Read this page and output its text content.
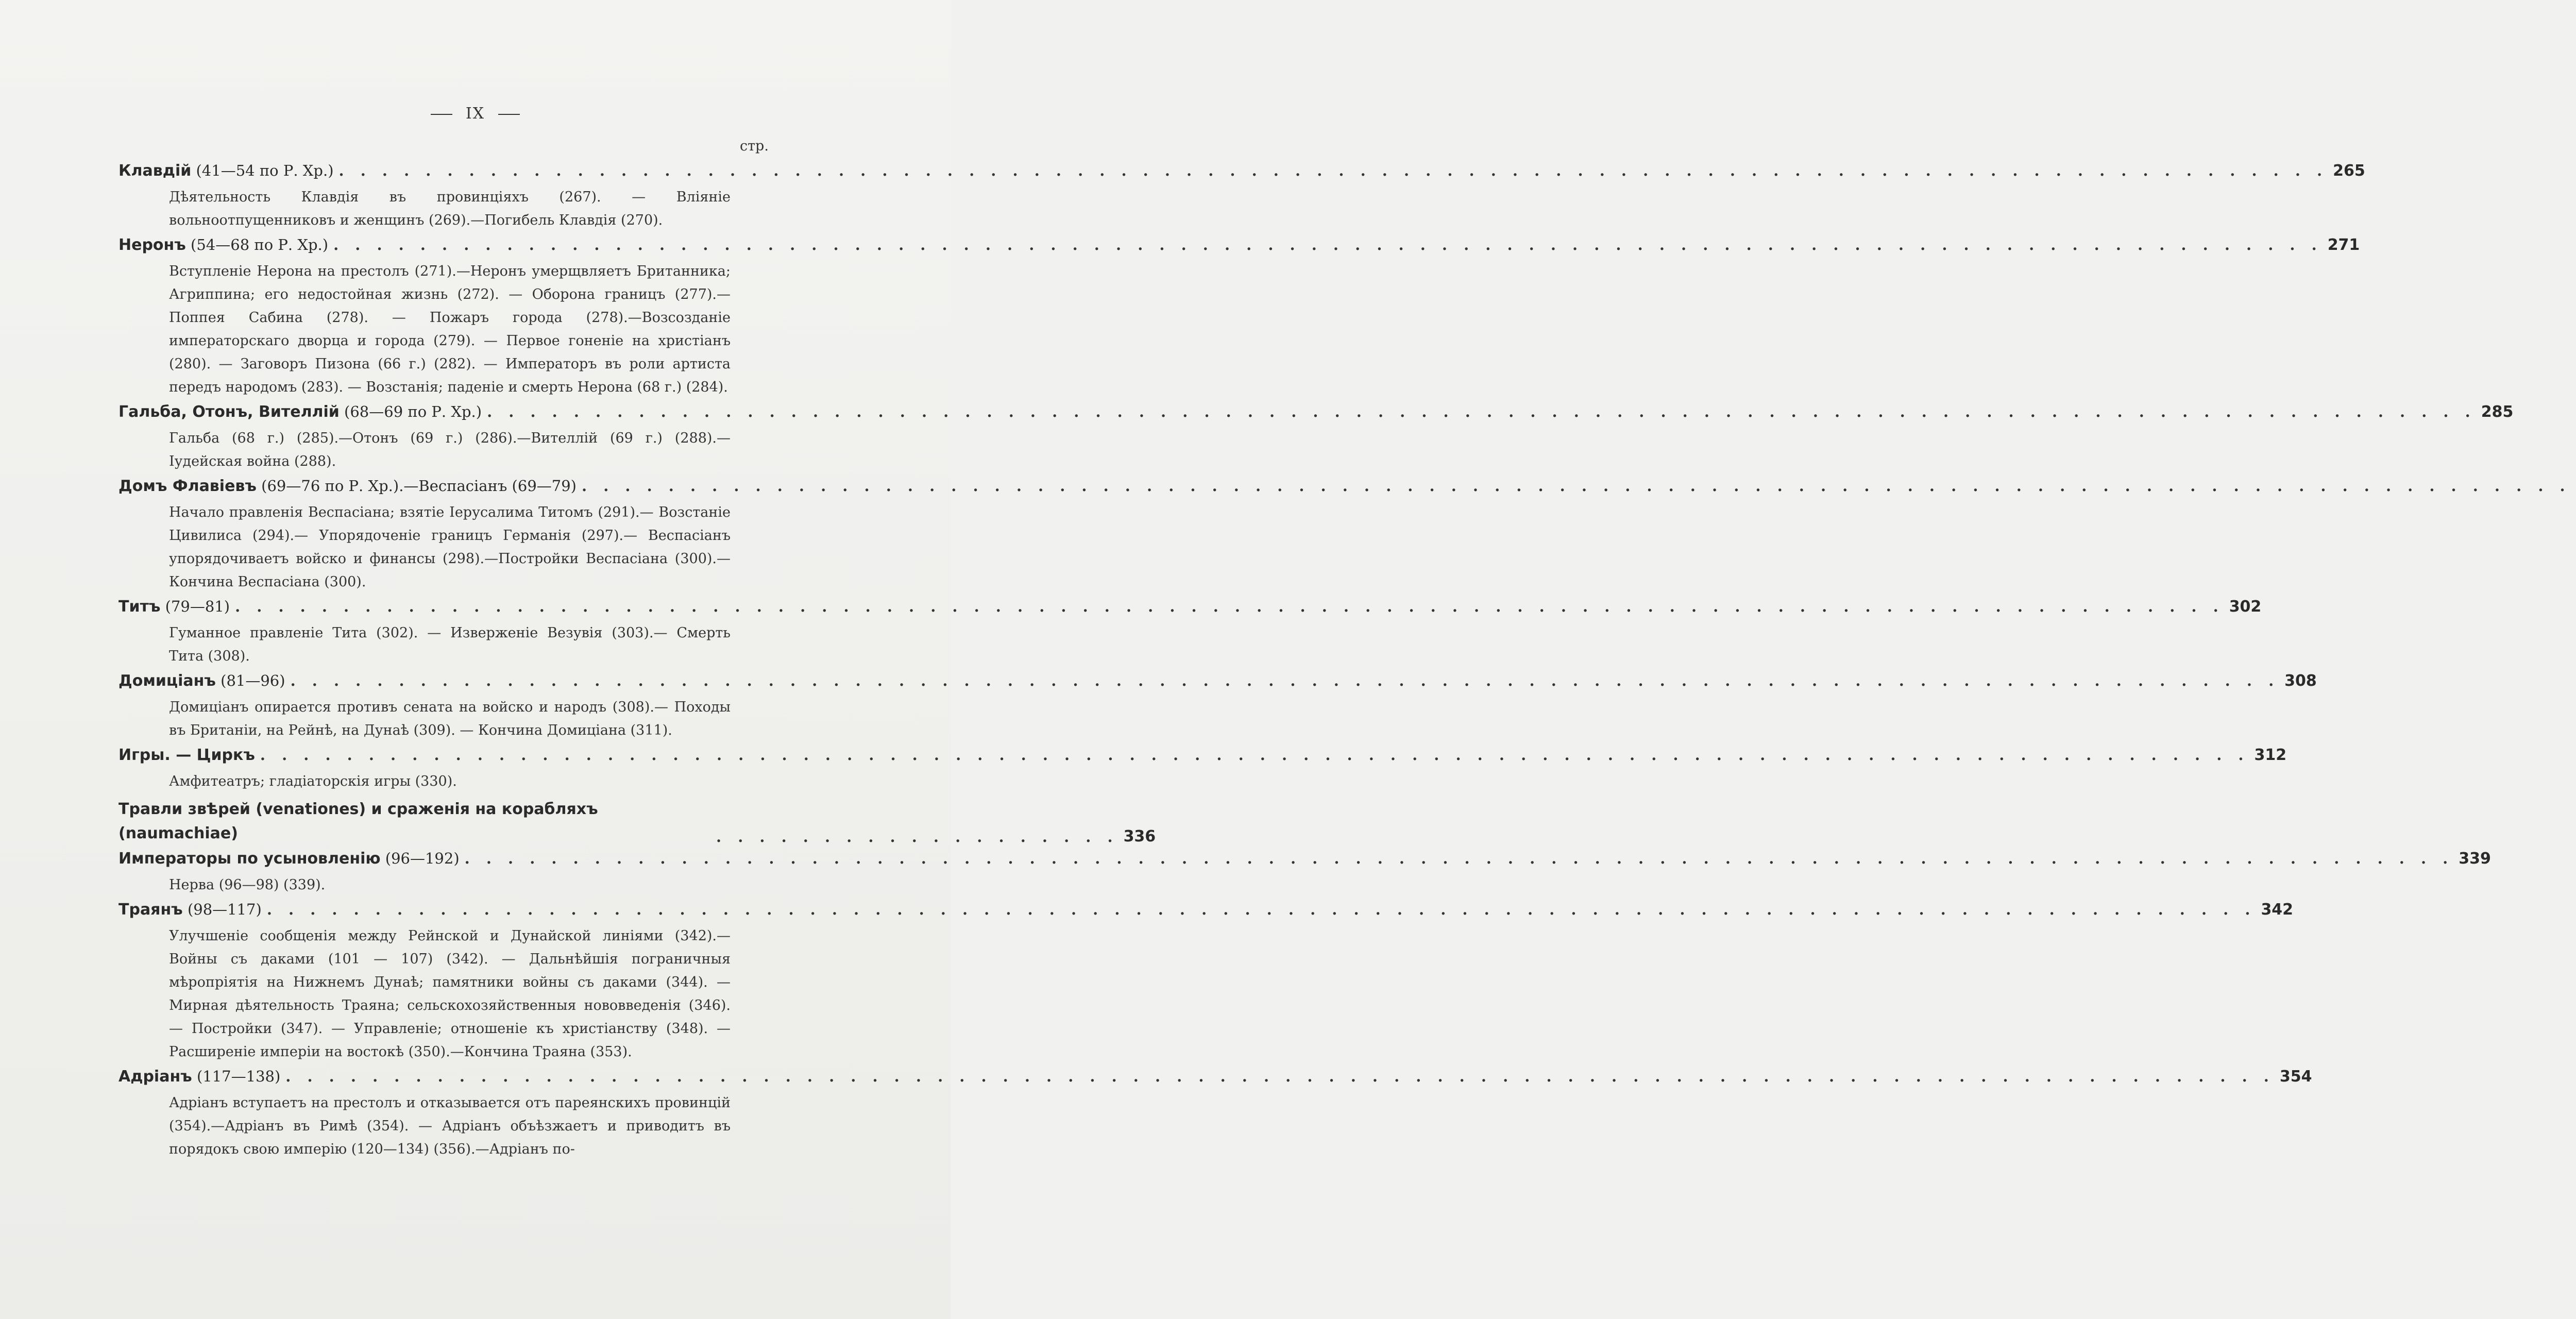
IX
стр.
Клавдій (41—54 по Р. Хр.) . . . . . . . . . . . . . . . . . . . . . . . . . . . . . . . . . . . . . . . . . . . . . . . . . . . . . . . . . . . . . . . . . . . . . . . . . . . . . . . . . . . . . . . . . . . . 265
Дѣятельность Клавдія въ провинціяхъ (267). — Вліяніе вольноотпущенниковъ и женщинъ (269).—Погибель Клавдія (270).
Неронъ (54—68 по Р. Хр.) . . . . . . . . . . . . . . . . . . . . . . . . . . . . . . . . . . . . . . . . . . . . . . . . . . . . . . . . . . . . . . . . . . . . . . . . . . . . . . . . . . . . . . . . . . . . 271
Вступленіе Нерона на престолъ (271).—Неронъ умерщвляетъ Британника; Агриппина; его недостойная жизнь (272). — Оборона границъ (277).—Поппея Сабина (278). — Пожаръ города (278).—Возсозданіе императорскаго дворца и города (279). — Первое гоненіе на христіанъ (280). — Заговоръ Пизона (66 г.) (282). — Императоръ въ роли артиста передъ народомъ (283). — Возстанія; паденіе и смерть Нерона (68 г.) (284).
Гальба, Отонъ, Вителлій (68—69 по Р. Хр.) . . . . . . . . . . . . . . . . . . . . . . . . . . . . . . . . . . . . . . . . . . . . . . . . . . . . . . . . . . . . . . . . . . . . . . . . . . . . . . . . . . . . . . . . . . . . 285
Гальба (68 г.) (285).—Отонъ (69 г.) (286).—Вителлій (69 г.) (288).— Іудейская война (288).
Домъ Флавіевъ (69—76 по Р. Хр.).—Веспасіанъ (69—79) . . . . . . . . . . . . . . . . . . . . . . . . . . . . . . . . . . . . . . . . . . . . . . . . . . . . . . . . . . . . . . . . . . . . . . . . . . . . . . . . . . . . . . . . . . . .
Начало правленія Веспасіана; взятіе Іерусалима Титомъ (291).— Возстаніе Цивилиса (294).— Упорядоченіе границъ Германія (297).— Веспасіанъ упорядочиваетъ войско и финансы (298).—Постройки Веспасіана (300).—Кончина Веспасіана (300).
Титъ (79—81) . . . . . . . . . . . . . . . . . . . . . . . . . . . . . . . . . . . . . . . . . . . . . . . . . . . . . . . . . . . . . . . . . . . . . . . . . . . . . . . . . . . . . . . . . . . . 302
Гуманное правленіе Тита (302). — Изверженіе Везувія (303).— Смерть Тита (308).
Домиціанъ (81—96) . . . . . . . . . . . . . . . . . . . . . . . . . . . . . . . . . . . . . . . . . . . . . . . . . . . . . . . . . . . . . . . . . . . . . . . . . . . . . . . . . . . . . . . . . . . . 308
Домиціанъ опирается противъ сената на войско и народъ (308).— Походы въ Британіи, на Рейнѣ, на Дунаѣ (309). — Кончина Домиціана (311).
Игры. — Циркъ . . . . . . . . . . . . . . . . . . . . . . . . . . . . . . . . . . . . . . . . . . . . . . . . . . . . . . . . . . . . . . . . . . . . . . . . . . . . . . . . . . . . . . . . . . . . 312
Амфитеатръ; гладіаторскія игры (330).
Травли звѣрей (venationes) и сраженія на корабляхъ (naumachiae)	. . . . . . . . . . . . . . . . . . . 336
Императоры по усыновленію (96—192) . . . . . . . . . . . . . . . . . . . . . . . . . . . . . . . . . . . . . . . . . . . . . . . . . . . . . . . . . . . . . . . . . . . . . . . . . . . . . . . . . . . . . . . . . . . . 339
Нерва (96—98) (339).
Траянъ (98—117) . . . . . . . . . . . . . . . . . . . . . . . . . . . . . . . . . . . . . . . . . . . . . . . . . . . . . . . . . . . . . . . . . . . . . . . . . . . . . . . . . . . . . . . . . . . . 342
Улучшеніе сообщенія между Рейнской и Дунайской линіями (342).— Войны съ даками (101 — 107) (342). — Дальнѣйшія пограничныя мѣропріятія на Нижнемъ Дунаѣ; памятники войны съ даками (344). — Мирная дѣятельность Траяна; сельскохозяйственныя нововведенія (346). — Постройки (347). — Управленіе; отношеніе къ христіанству (348). — Расширеніе имперіи на востокѣ (350).—Кончина Траяна (353).
Адріанъ (117—138) . . . . . . . . . . . . . . . . . . . . . . . . . . . . . . . . . . . . . . . . . . . . . . . . . . . . . . . . . . . . . . . . . . . . . . . . . . . . . . . . . . . . . . . . . . . . 354
Адріанъ вступаетъ на престолъ и отказывается отъ пареянскихъ провинцій (354).—Адріанъ въ Римѣ (354). — Адріанъ объѣзжаетъ и приводитъ въ порядокъ свою имперію (120—134) (356).—Адріанъ по-
